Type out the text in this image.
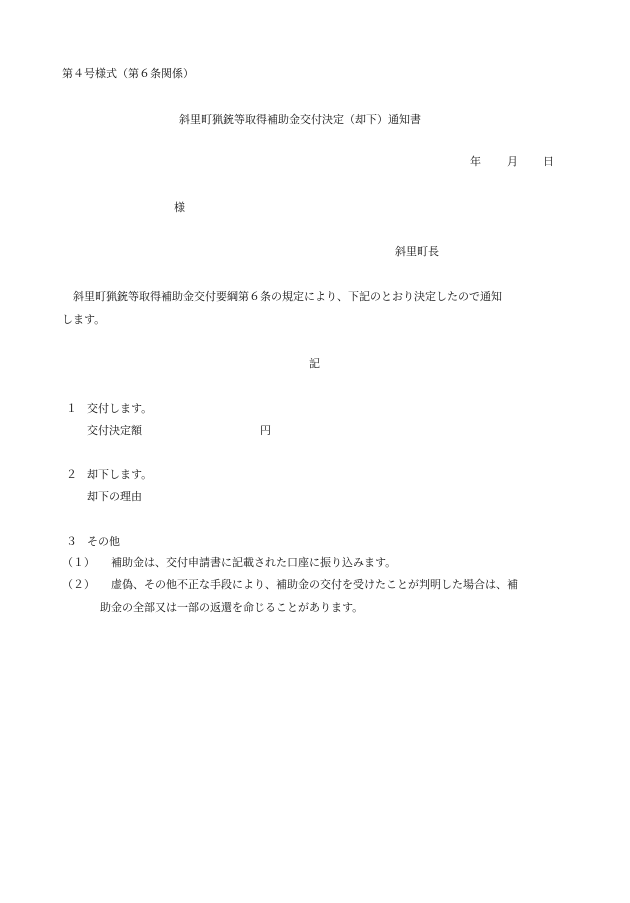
第４号様式（第６条関係）

斜里町猟銃等取得補助金交付決定（却下）通知書

年 月 日

様

斜里町長

斜里町猟銃等取得補助金交付要綱第６条の規定により、下記のとおり決定したので通知

します。

記

１ 交付します。

交付決定額	円

２ 却下します。

却下の理由

３ その他

（１） 補助金は、交付申請書に記載された口座に振り込みます。

（２） 虚偽、その他不正な手段により、補助金の交付を受けたことが判明した場合は、補

助金の全部又は一部の返還を命じることがあります。
